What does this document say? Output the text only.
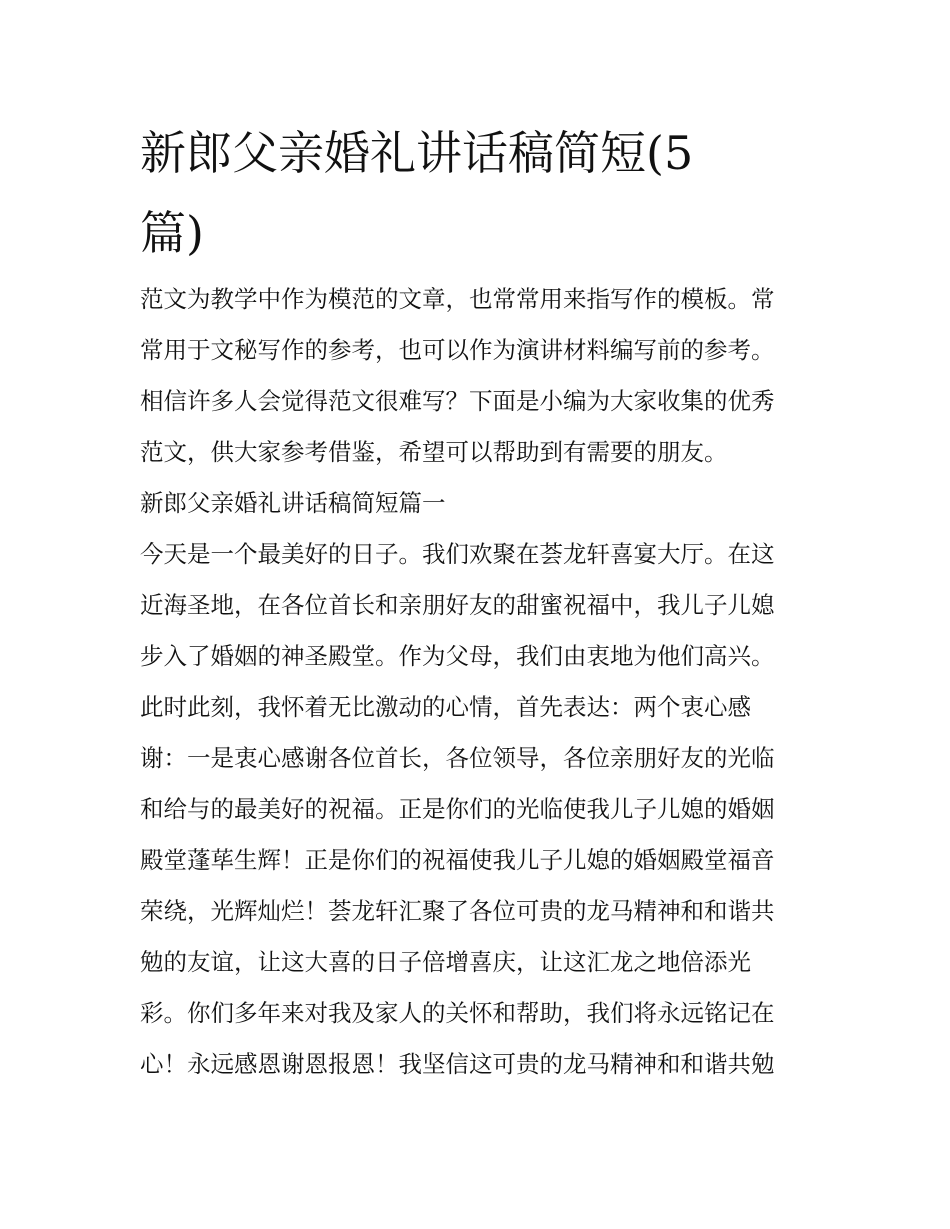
新郎父亲婚礼讲话稿简短(5
篇)
范文为教学中作为模范的文章，也常常用来指写作的模板。常
常用于文秘写作的参考，也可以作为演讲材料编写前的参考。
相信许多人会觉得范文很难写？下面是小编为大家收集的优秀
范文，供大家参考借鉴，希望可以帮助到有需要的朋友。
新郎父亲婚礼讲话稿简短篇一
今天是一个最美好的日子。我们欢聚在荟龙轩喜宴大厅。在这
近海圣地，在各位首长和亲朋好友的甜蜜祝福中，我儿子儿媳
步入了婚姻的神圣殿堂。作为父母，我们由衷地为他们高兴。
此时此刻，我怀着无比激动的心情，首先表达：两个衷心感
谢：一是衷心感谢各位首长，各位领导，各位亲朋好友的光临
和给与的最美好的祝福。正是你们的光临使我儿子儿媳的婚姻
殿堂蓬荜生辉！正是你们的祝福使我儿子儿媳的婚姻殿堂福音
荣绕，光辉灿烂！荟龙轩汇聚了各位可贵的龙马精神和和谐共
勉的友谊，让这大喜的日子倍增喜庆，让这汇龙之地倍添光
彩。你们多年来对我及家人的关怀和帮助，我们将永远铭记在
心！永远感恩谢恩报恩！我坚信这可贵的龙马精神和和谐共勉
